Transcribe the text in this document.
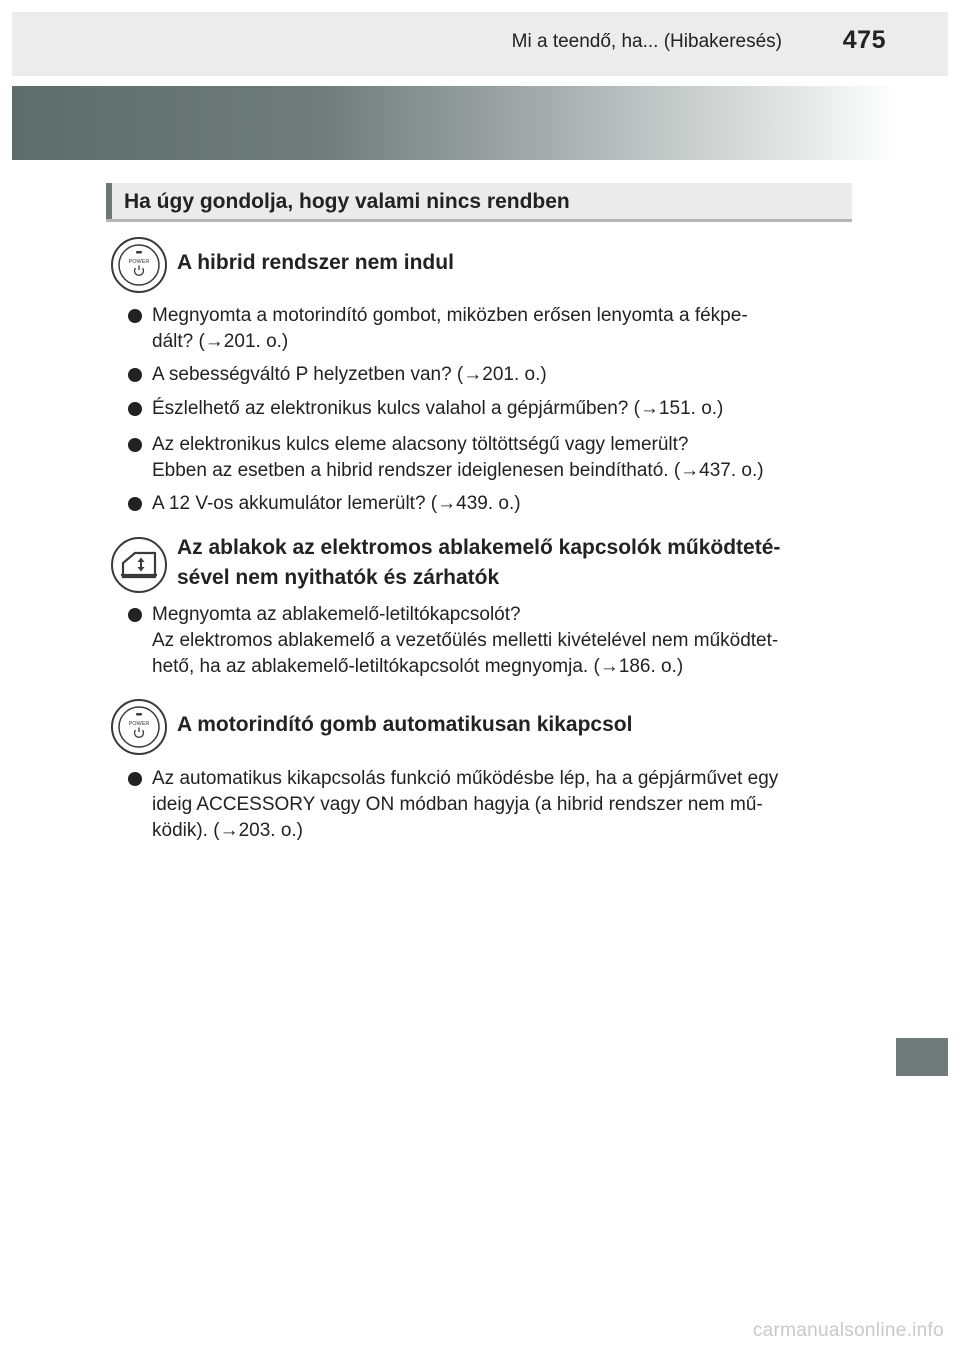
Mi a teendő, ha... (Hibakeresés) 475
Ha úgy gondolja, hogy valami nincs rendben
POWER A hibrid rendszer nem indul
Megnyomta a motorindító gombot, miközben erősen lenyomta a fékpe-
dált? (→201. o.)
A sebességváltó P helyzetben van? (→201. o.)
Észlelhető az elektronikus kulcs valahol a gépjárműben? (→151. o.)
Az elektronikus kulcs eleme alacsony töltöttségű vagy lemerült?
Ebben az esetben a hibrid rendszer ideiglenesen beindítható. (→437. o.)
A 12 V-os akkumulátor lemerült? (→439. o.)
Az ablakok az elektromos ablakemelő kapcsolók működteté-
sével nem nyithatók és zárhatók
Megnyomta az ablakemelő-letiltókapcsolót?
Az elektromos ablakemelő a vezetőülés melletti kivételével nem működtet-
hető, ha az ablakemelő-letiltókapcsolót megnyomja. (→186. o.)
POWER A motorindító gomb automatikusan kikapcsol
Az automatikus kikapcsolás funkció működésbe lép, ha a gépjárművet egy
ideig ACCESSORY vagy ON módban hagyja (a hibrid rendszer nem mű-
ködik). (→203. o.)
carmanualsonline.info
